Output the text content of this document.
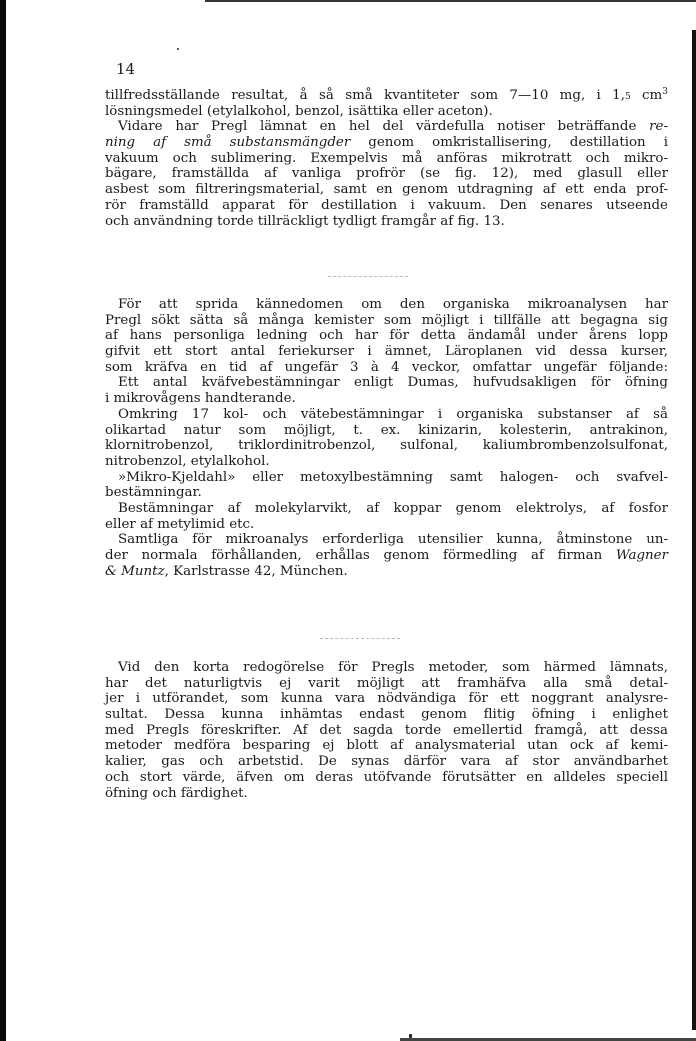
14
tillfredsställande resultat, å så små kvantiteter som 7—10 mg, i 1,5 $cm^3$
lösningsmedel (etylalkohol, benzol, isättika eller aceton).
Vidare har Pregl lämnat en hel del värdefulla notiser beträffande re-
ning af små substansmängder genom omkristallisering, destillation i
vakuum och sublimering. Exempelvis må anföras mikrotratt och mikro-
bägare, framställda af vanliga profrör (se fig. 12), med glasull eller
asbest som filtreringsmaterial, samt en genom utdragning af ett enda prof-
rör framställd apparat för destillation i vakuum. Den senares utseende
och användning torde tillräckligt tydligt framgår af fig. 13.
För att sprida kännedomen om den organiska mikroanalysen har
Pregl sökt sätta så många kemister som möjligt i tillfälle att begagna sig
af hans personliga ledning och har för detta ändamål under årens lopp
gifvit ett stort antal feriekurser i ämnet, Läroplanen vid dessa kurser,
som kräfva en tid af ungefär 3 à 4 veckor, omfattar ungefär följande:
Ett antal kväfvebestämningar enligt Dumas, hufvudsakligen för öfning
i mikrovågens handterande.
Omkring 17 kol- och vätebestämningar i organiska substanser af så
olikartad natur som möjligt, t. ex. kinizarin, kolesterin, antrakinon,
klornitrobenzol, triklordinitrobenzol, sulfonal, kaliumbrombenzolsulfonat,
nitrobenzol, etylalkohol.
»Mikro-Kjeldahl» eller metoxylbestämning samt halogen- och svafvel-
bestämningar.
Bestämningar af molekylarvikt, af koppar genom elektrolys, af fosfor
eller af metylimid etc.
Samtliga för mikroanalys erforderliga utensilier kunna, åtminstone un-
der normala förhållanden, erhållas genom förmedling af firman Wagner
& Muntz, Karlstrasse 42, München.
Vid den korta redogörelse för Pregls metoder, som härmed lämnats,
har det naturligtvis ej varit möjligt att framhäfva alla små detal-
jer i utförandet, som kunna vara nödvändiga för ett noggrant analysre-
sultat. Dessa kunna inhämtas endast genom flitig öfning i enlighet
med Pregls föreskrifter. Af det sagda torde emellertid framgå, att dessa
metoder medföra besparing ej blott af analysmaterial utan ock af kemi-
kalier, gas och arbetstid. De synas därför vara af stor användbarhet
och stort värde, äfven om deras utöfvande förutsätter en alldeles speciell
öfning och färdighet.
